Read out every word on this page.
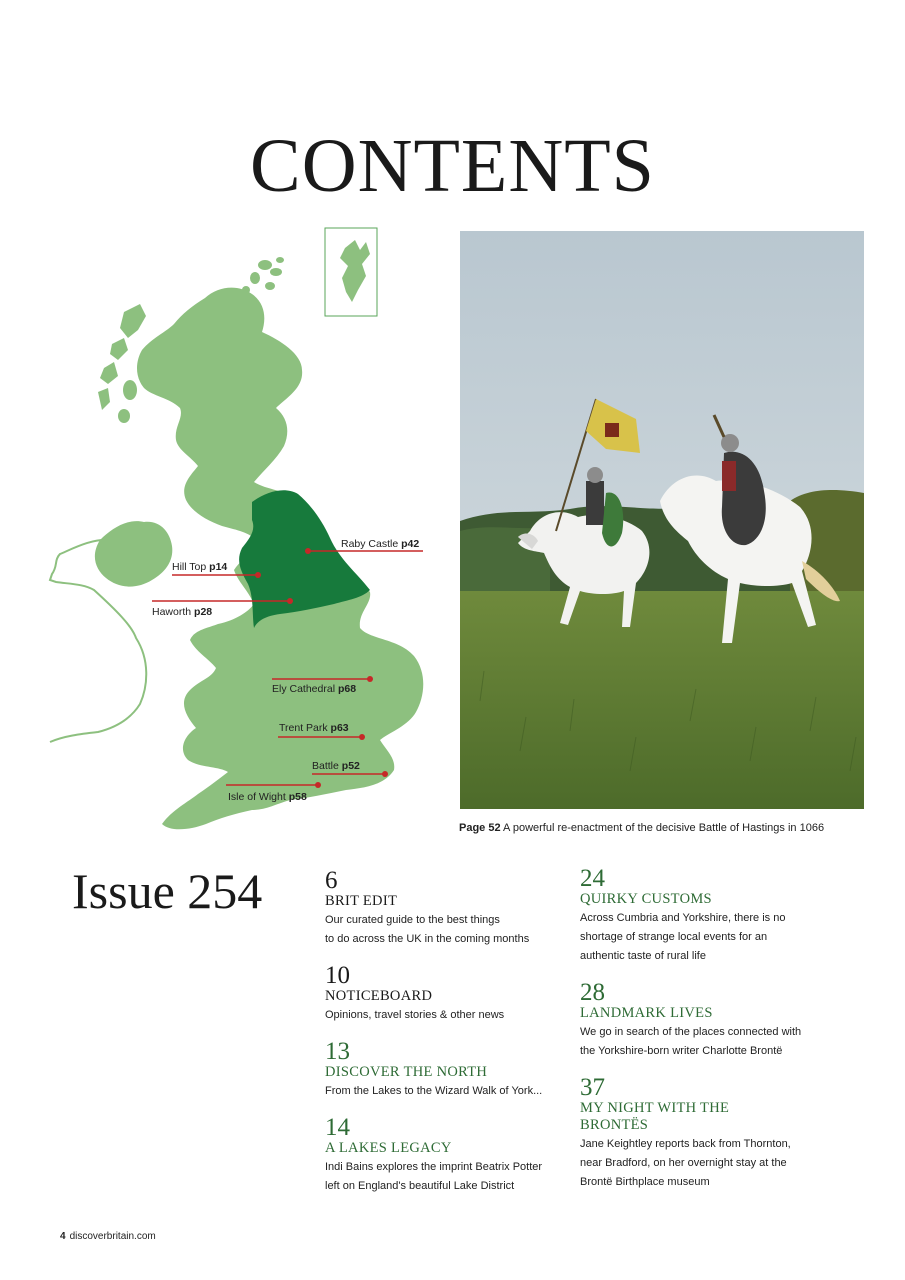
CONTENTS
Raby Castle p42
Hill Top p14
Haworth p28
Ely Cathedral p68
Trent Park p63
Battle p52
Isle of Wight p58
Page 52 A powerful re-enactment of the decisive Battle of Hastings in 1066
Issue 254	6
BRIT EDIT
Our curated guide to the best things
to do across the UK in the coming months
10
NOTICEBOARD
Opinions, travel stories & other news
13
DISCOVER THE NORTH
From the Lakes to the Wizard Walk of York...
14
A LAKES LEGACY
Indi Bains explores the imprint Beatrix Potter
left on England's beautiful Lake District
24
QUIRKY CUSTOMS
Across Cumbria and Yorkshire, there is no
shortage of strange local events for an
authentic taste of rural life
28
LANDMARK LIVES
We go in search of the places connected with
the Yorkshire-born writer Charlotte Brontë
37
MY NIGHT WITH THE BRONTËS
Jane Keightley reports back from Thornton,
near Bradford, on her overnight stay at the
Brontë Birthplace museum
4 discoverbritain.com
